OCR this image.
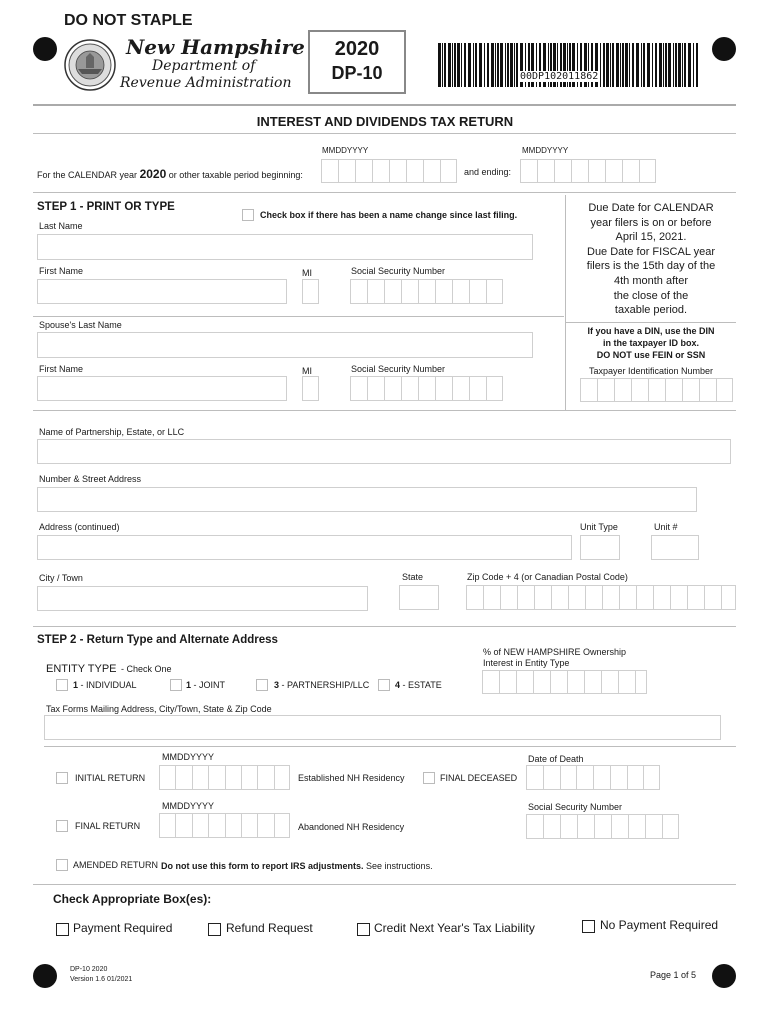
DO NOT STAPLE
New Hampshire
Department of
Revenue Administration
2020
DP-10	00DP102011862
INTEREST AND DIVIDENDS TAX RETURN
MMDDYYYY	MMDDYYYY
For the CALENDAR year 2020 or other taxable period beginning:	and ending:
STEP 1 - PRINT OR TYPE
Check box if there has been a name change since last filing.
Last Name
First Name	MI	Social Security Number
Spouse's Last Name
First Name	MI	Social Security Number
Due Date for CALENDAR
year filers is on or before
April 15, 2021.
Due Date for FISCAL year
filers is the 15th day of the
4th month after
the close of the
taxable period.
If you have a DIN, use the DIN
in the taxpayer ID box.
DO NOT use FEIN or SSN
Taxpayer Identification Number
Name of Partnership, Estate, or LLC
Number & Street Address
Address (continued)	Unit Type	Unit #
City / Town	State	Zip Code + 4 (or Canadian Postal Code)
STEP 2 - Return Type and Alternate Address
ENTITY TYPE - Check One
1 - INDIVIDUAL	1 - JOINT	3 - PARTNERSHIP/LLC	4 - ESTATE
% of NEW HAMPSHIRE Ownership
Interest in Entity Type
Tax Forms Mailing Address, City/Town, State & Zip Code
MMDDYYYY	Date of Death
INITIAL RETURN	Established NH Residency	FINAL DECEASED
MMDDYYYY	Social Security Number
FINAL RETURN	Abandoned NH Residency
AMENDED RETURN Do not use this form to report IRS adjustments. See instructions.
Check Appropriate Box(es):
Payment Required	Refund Request	Credit Next Year's Tax Liability	No Payment Required
DP-10 2020
Version 1.6 01/2021	Page 1 of 5
